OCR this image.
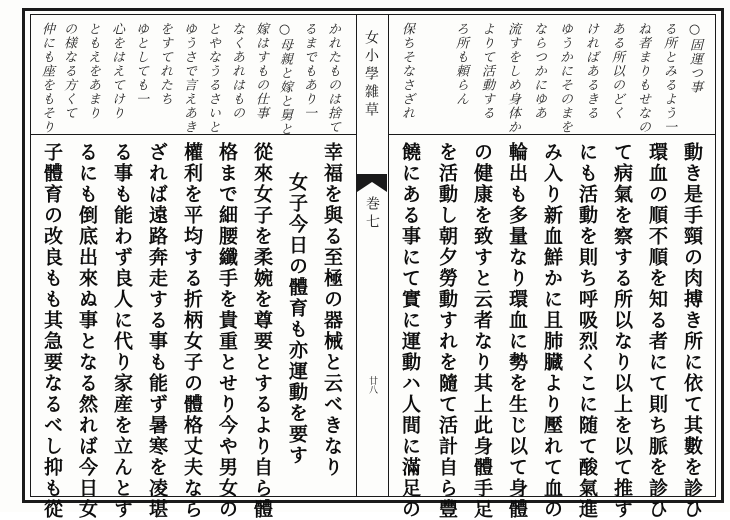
女小學雜草
巻七
廿八
○固運つ事
る所とみるよう一
ね者まりもせなの
ある所以のどく
ければあるきる
ゆうかにそのまを
ならつかにゆあ
流すをしめ身体か
よりて活動する
ろ所も頼らん
保ちそなさざれ
動き是手頸の肉搏き所に依て其數を診ひ
環血の順不順を知る者にて則ち脈を診ひ
て病氣を察する所以なり以上を以て推す
にも活動を則ち呼吸烈くこに随て酸氣進
み入り新血鮮かに且肺臓より壓れて血の
輪出も多量なり環血に勢を生じ以て身體
の健康を致すと云者なり其上此身體手足
を活動し朝夕勞動すれを隨て活計自ら豐
饒にある事にて實に運動ハ人間に滿足の
かれたものは捨て
るまでもあり一
○母親と嫁と舅と
嫁はすもの仕事
なくあれはもの
とやなうるさいと
ゆうさで言えあき
をすてれたち
ゆとしても一
心をはえてけり
ともえをあまり
の様なる方くて
仲にも座をもそり
幸福を與る至極の器械と云べきなり
女子今日の體育も亦運動を要す
從來女子を柔婉を尊要とするより自ら體
格まで細腰纖手を貴重とせり今や男女の
權利を平均する折柄女子の體格丈夫なら
ざれば遠路奔走する事も能ず暑寒を凌堪
る事も能わず良人に代り家産を立んとす
るにも倒底出來ぬ事となる然れば今日女
子體育の改良もも其急要なるべし抑も從
